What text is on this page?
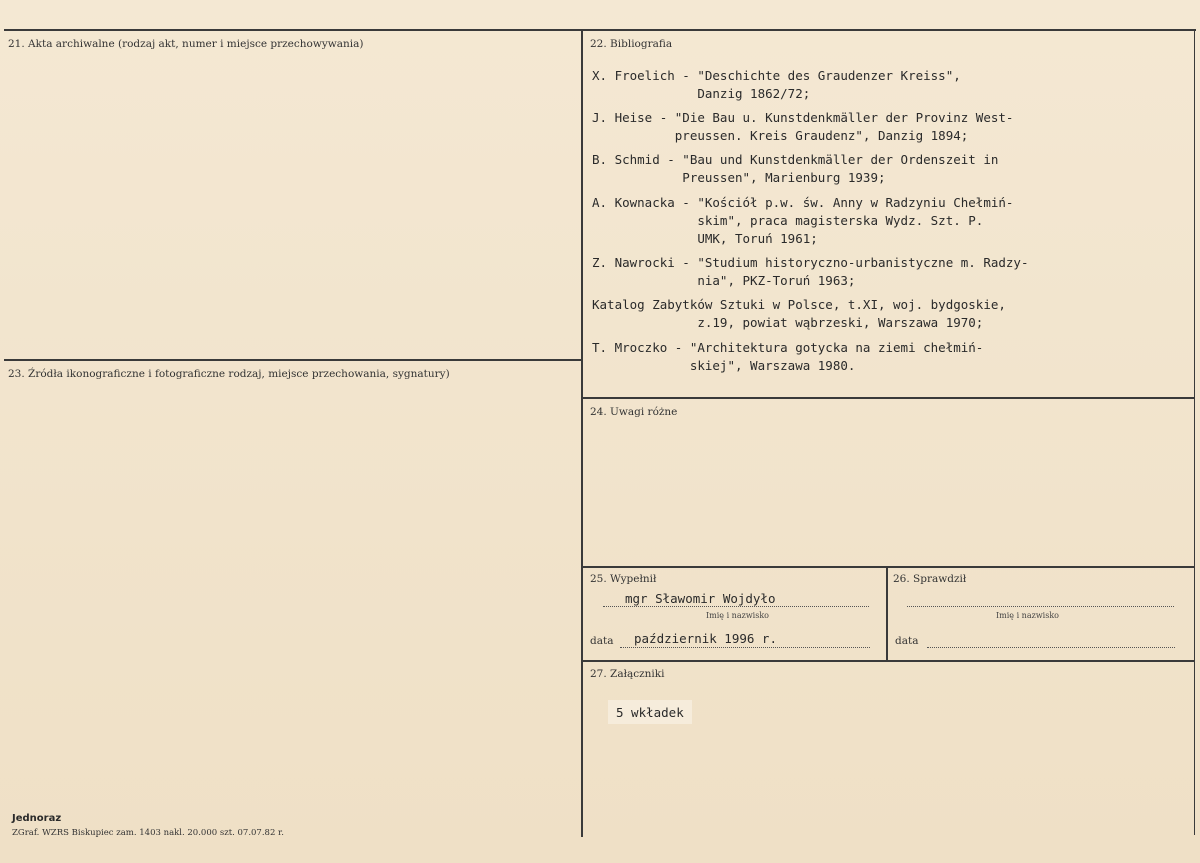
21. Akta archiwalne (rodzaj akt, numer i miejsce przechowywania)	22. Bibliografia
X. Froelich - "Deschichte des Graudenzer Kreiss",
Danzig 1862/72;
J. Heise - "Die Bau u. Kunstdenkmäller der Provinz West-
preussen. Kreis Graudenz", Danzig 1894;
B. Schmid - "Bau und Kunstdenkmäller der Ordenszeit in
Preussen", Marienburg 1939;
A. Kownacka - "Kościół p.w. św. Anny w Radzyniu Chełmiń-
skim", praca magisterska Wydz. Szt. P.
UMK, Toruń 1961;
Z. Nawrocki - "Studium historyczno-urbanistyczne m. Radzy-
nia", PKZ-Toruń 1963;
Katalog Zabytków Sztuki w Polsce, t.XI, woj. bydgoskie,
z.19, powiat wąbrzeski, Warszawa 1970;
T. Mroczko - "Architektura gotycka na ziemi chełmiń-
skiej", Warszawa 1980.
23. Źródła ikonograficzne i fotograficzne rodzaj, miejsce przechowania, sygnatury)
24. Uwagi różne
25. Wypełnił
mgr Sławomir Wojdyło
Imię i nazwisko
data październik 1996 r.
26. Sprawdził
Imię i nazwisko
data
27. Załączniki
5 wkładek
Jednoraz
ZGraf. WZRS Biskupiec zam. 1403 nakl. 20.000 szt. 07.07.82 r.
